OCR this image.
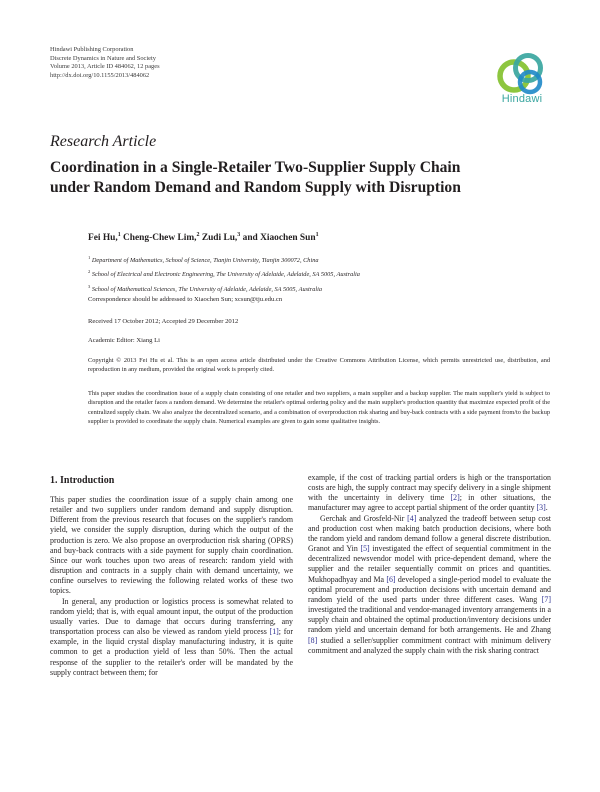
Hindawi Publishing Corporation
Discrete Dynamics in Nature and Society
Volume 2013, Article ID 484062, 12 pages
http://dx.doi.org/10.1155/2013/484062
Hindawi
Research Article
Coordination in a Single-Retailer Two-Supplier Supply Chain
under Random Demand and Random Supply with Disruption
Fei Hu,$^1$ Cheng-Chew Lim,$^2$ Zudi Lu,$^3$ and Xiaochen Sun$^1$
$^1$ Department of Mathematics, School of Science, Tianjin University, Tianjin 300072, China
$^2$ School of Electrical and Electronic Engineering, The University of Adelaide, Adelaide, SA 5005, Australia
$^3$ School of Mathematical Sciences, The University of Adelaide, Adelaide, SA 5005, Australia
Correspondence should be addressed to Xiaochen Sun; xcsun@tju.edu.cn
Received 17 October 2012; Accepted 29 December 2012
Academic Editor: Xiang Li
Copyright © 2013 Fei Hu et al. This is an open access article distributed under the Creative Commons Attribution License, which permits unrestricted use, distribution, and reproduction in any medium, provided the original work is properly cited.
This paper studies the coordination issue of a supply chain consisting of one retailer and two suppliers, a main supplier and a backup supplier. The main supplier's yield is subject to disruption and the retailer faces a random demand. We determine the retailer's optimal ordering policy and the main supplier's production quantity that maximize expected profit of the centralized supply chain. We also analyze the decentralized scenario, and a combination of overproduction risk sharing and buy-back contracts with a side payment from/to the backup supplier is provided to coordinate the supply chain. Numerical examples are given to gain some qualitative insights.
1. Introduction

This paper studies the coordination issue of a supply chain among one retailer and two suppliers under random demand and supply disruption. Different from the previous research that focuses on the supplier's random yield, we consider the supply disruption, during which the output of the production is zero. We also propose an overproduction risk sharing (OPRS) and buy-back contracts with a side payment for supply chain coordination. Since our work touches upon two areas of research: random yield with disruption and contracts in a supply chain with demand uncertainty, we confine ourselves to reviewing the following related works of these two topics.

In general, any production or logistics process is somewhat related to random yield; that is, with equal amount input, the output of the production usually varies. Due to damage that occurs during transferring, any transportation process can also be viewed as random yield process [1]; for example, in the liquid crystal display manufacturing industry, it is quite common to get a production yield of less than 50%. Then the actual response of the supplier to the retailer's order will be mandated by the supply contract between them; for

example, if the cost of tracking partial orders is high or the transportation costs are high, the supply contract may specify delivery in a single shipment with the uncertainty in delivery time [2]; in other situations, the manufacturer may agree to accept partial shipment of the order quantity [3].

Gerchak and Grosfeld-Nir [4] analyzed the tradeoff between setup cost and production cost when making batch production decisions, where both the random yield and random demand follow a general discrete distribution. Granot and Yin [5] investigated the effect of sequential commitment in the decentralized newsvendor model with price-dependent demand, where the supplier and the retailer sequentially commit on prices and quantities. Mukhopadhyay and Ma [6] developed a single-period model to evaluate the optimal procurement and production decisions with uncertain demand and random yield of the used parts under three different cases. Wang [7] investigated the traditional and vendor-managed inventory arrangements in a supply chain and obtained the optimal production/inventory decisions under random yield and uncertain demand for both arrangements. He and Zhang [8] studied a seller/supplier commitment contract with minimum delivery commitment and analyzed the supply chain with the risk sharing contract
